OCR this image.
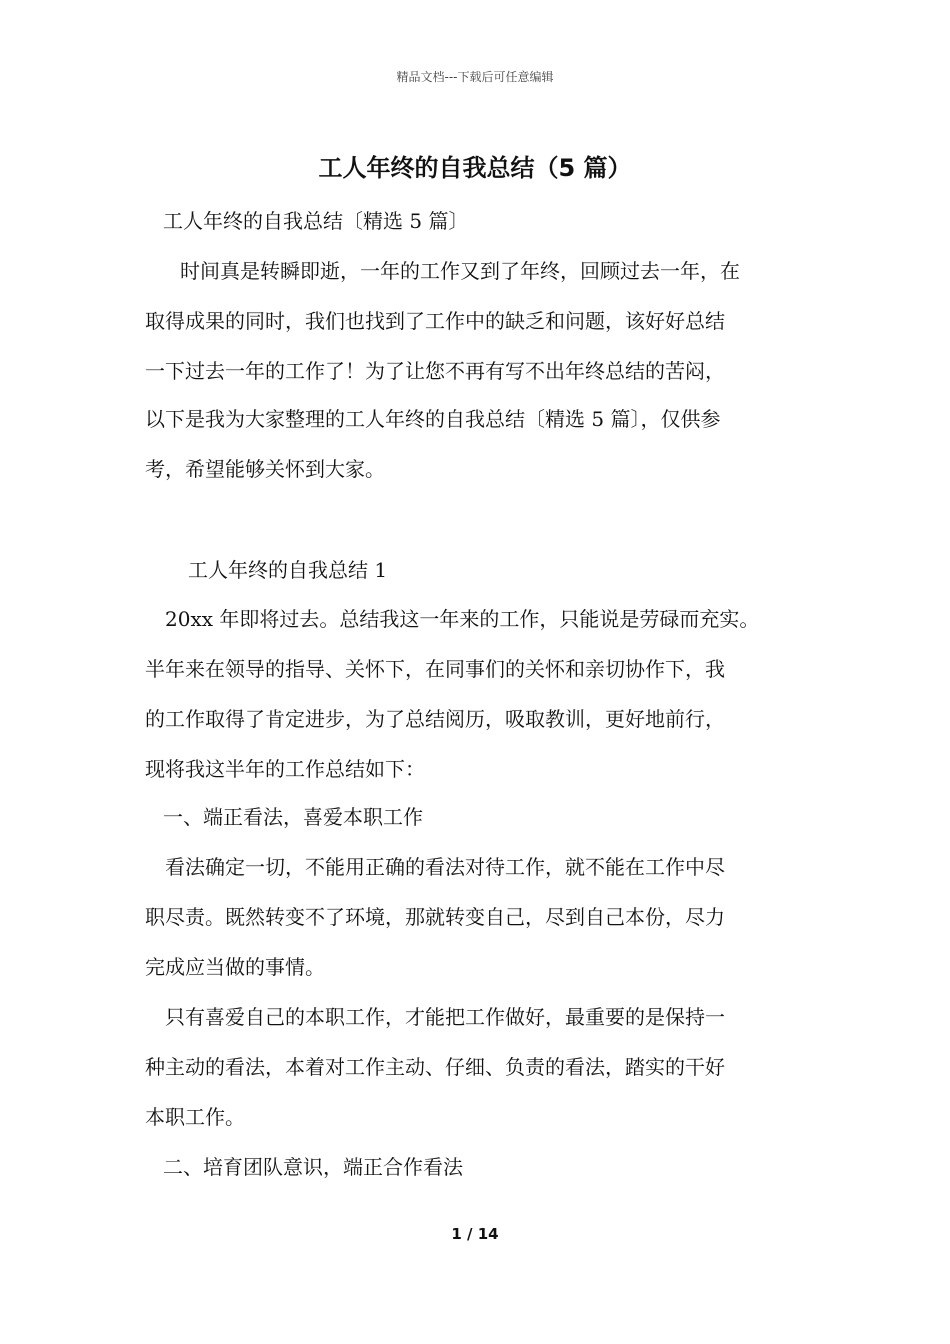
精品文档---下载后可任意编辑
工人年终的自我总结（5 篇）
工人年终的自我总结〔精选 5 篇〕
时间真是转瞬即逝，一年的工作又到了年终，回顾过去一年，在
取得成果的同时，我们也找到了工作中的缺乏和问题，该好好总结
一下过去一年的工作了！为了让您不再有写不出年终总结的苦闷，
以下是我为大家整理的工人年终的自我总结〔精选 5 篇〕，仅供参
考，希望能够关怀到大家。
工人年终的自我总结 1
20xx 年即将过去。总结我这一年来的工作，只能说是劳碌而充实。
半年来在领导的指导、关怀下，在同事们的关怀和亲切协作下，我
的工作取得了肯定进步，为了总结阅历，吸取教训，更好地前行，
现将我这半年的工作总结如下：
一、端正看法，喜爱本职工作
看法确定一切，不能用正确的看法对待工作，就不能在工作中尽
职尽责。既然转变不了环境，那就转变自己，尽到自己本份，尽力
完成应当做的事情。
只有喜爱自己的本职工作，才能把工作做好，最重要的是保持一
种主动的看法，本着对工作主动、仔细、负责的看法，踏实的干好
本职工作。
二、培育团队意识，端正合作看法
1 / 14
